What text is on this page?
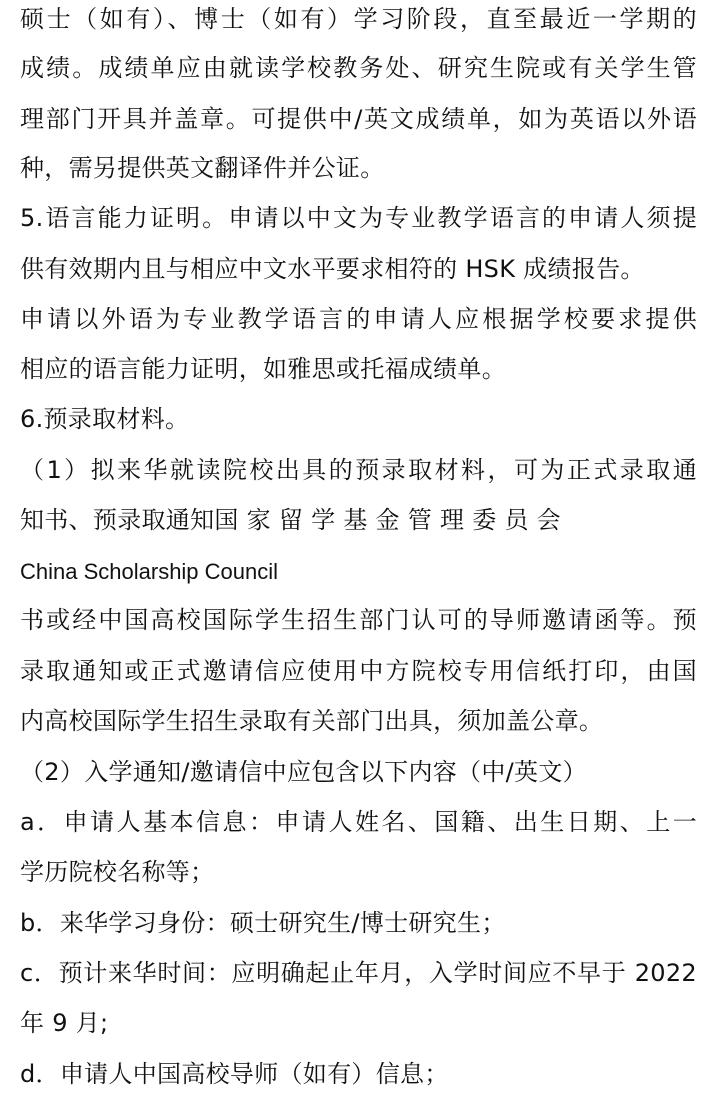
硕士（如有）、博士（如有）学习阶段，直至最近一学期的
成绩。成绩单应由就读学校教务处、研究生院或有关学生管
理部门开具并盖章。可提供中/英文成绩单，如为英语以外语
种，需另提供英文翻译件并公证。
5.语言能力证明。申请以中文为专业教学语言的申请人须提
供有效期内且与相应中文水平要求相符的 HSK 成绩报告。
申请以外语为专业教学语言的申请人应根据学校要求提供
相应的语言能力证明，如雅思或托福成绩单。
6.预录取材料。
（1）拟来华就读院校出具的预录取材料，可为正式录取通
知书、预录取通知国 家 留 学 基 金 管 理 委 员 会
China Scholarship Council
书或经中国高校国际学生招生部门认可的导师邀请函等。预
录取通知或正式邀请信应使用中方院校专用信纸打印，由国
内高校国际学生招生录取有关部门出具，须加盖公章。
（2）入学通知/邀请信中应包含以下内容（中/英文）
a．申请人基本信息：申请人姓名、国籍、出生日期、上一
学历院校名称等；
b．来华学习身份：硕士研究生/博士研究生；
c．预计来华时间：应明确起止年月，入学时间应不早于 2022
年 9 月;
d．申请人中国高校导师（如有）信息；
